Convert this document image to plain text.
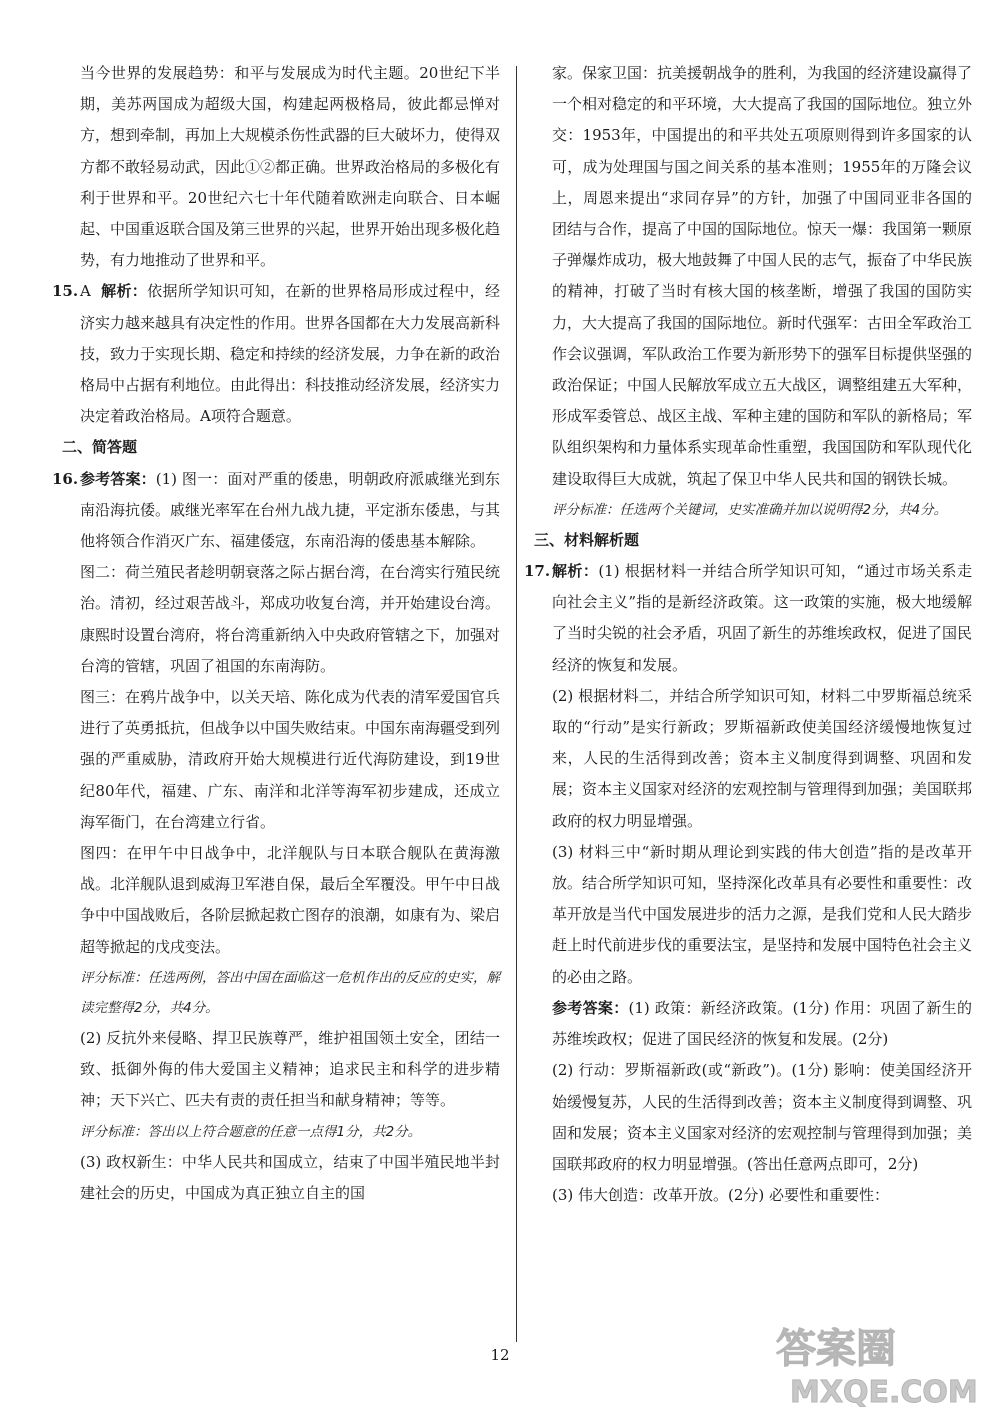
当今世界的发展趋势：和平与发展成为时代主题。20世纪下半期，美苏两国成为超级大国，构建起两极格局，彼此都忌惮对方，想到牵制，再加上大规模杀伤性武器的巨大破坏力，使得双方都不敢轻易动武，因此①②都正确。世界政治格局的多极化有利于世界和平。20世纪六七十年代随着欧洲走向联合、日本崛起、中国重返联合国及第三世界的兴起，世界开始出现多极化趋势，有力地推动了世界和平。

15. A 解析：依据所学知识可知，在新的世界格局形成过程中，经济实力越来越具有决定性的作用。世界各国都在大力发展高新科技，致力于实现长期、稳定和持续的经济发展，力争在新的政治格局中占据有利地位。由此得出：科技推动经济发展，经济实力决定着政治格局。A项符合题意。

二、简答题

16. 参考答案：(1) 图一：面对严重的倭患，明朝政府派戚继光到东南沿海抗倭。戚继光率军在台州九战九捷，平定浙东倭患，与其他将领合作消灭广东、福建倭寇，东南沿海的倭患基本解除。

图二：荷兰殖民者趁明朝衰落之际占据台湾，在台湾实行殖民统治。清初，经过艰苦战斗，郑成功收复台湾，并开始建设台湾。康熙时设置台湾府，将台湾重新纳入中央政府管辖之下，加强对台湾的管辖，巩固了祖国的东南海防。

图三：在鸦片战争中，以关天培、陈化成为代表的清军爱国官兵进行了英勇抵抗，但战争以中国失败结束。中国东南海疆受到列强的严重威胁，清政府开始大规模进行近代海防建设，到19世纪80年代，福建、广东、南洋和北洋等海军初步建成，还成立海军衙门，在台湾建立行省。

图四：在甲午中日战争中，北洋舰队与日本联合舰队在黄海激战。北洋舰队退到威海卫军港自保，最后全军覆没。甲午中日战争中中国战败后，各阶层掀起救亡图存的浪潮，如康有为、梁启超等掀起的戊戌变法。

评分标准：任选两例，答出中国在面临这一危机作出的反应的史实，解读完整得2分，共4分。

(2) 反抗外来侵略、捍卫民族尊严，维护祖国领土安全，团结一致、抵御外侮的伟大爱国主义精神；追求民主和科学的进步精神；天下兴亡、匹夫有责的责任担当和献身精神；等等。

评分标准：答出以上符合题意的任意一点得1分，共2分。

(3) 政权新生：中华人民共和国成立，结束了中国半殖民地半封建社会的历史，中国成为真正独立自主的国

家。保家卫国：抗美援朝战争的胜利，为我国的经济建设赢得了一个相对稳定的和平环境，大大提高了我国的国际地位。独立外交：1953年，中国提出的和平共处五项原则得到许多国家的认可，成为处理国与国之间关系的基本准则；1955年的万隆会议上，周恩来提出“求同存异”的方针，加强了中国同亚非各国的团结与合作，提高了中国的国际地位。惊天一爆：我国第一颗原子弹爆炸成功，极大地鼓舞了中国人民的志气，振奋了中华民族的精神，打破了当时有核大国的核垄断，增强了我国的国防实力，大大提高了我国的国际地位。新时代强军：古田全军政治工作会议强调，军队政治工作要为新形势下的强军目标提供坚强的政治保证；中国人民解放军成立五大战区，调整组建五大军种，形成军委管总、战区主战、军种主建的国防和军队的新格局；军队组织架构和力量体系实现革命性重塑，我国国防和军队现代化建设取得巨大成就，筑起了保卫中华人民共和国的钢铁长城。

评分标准：任选两个关键词，史实准确并加以说明得2分，共4分。

三、材料解析题

17. 解析：(1) 根据材料一并结合所学知识可知，“通过市场关系走向社会主义”指的是新经济政策。这一政策的实施，极大地缓解了当时尖锐的社会矛盾，巩固了新生的苏维埃政权，促进了国民经济的恢复和发展。

(2) 根据材料二，并结合所学知识可知，材料二中罗斯福总统采取的“行动”是实行新政；罗斯福新政使美国经济缓慢地恢复过来，人民的生活得到改善；资本主义制度得到调整、巩固和发展；资本主义国家对经济的宏观控制与管理得到加强；美国联邦政府的权力明显增强。

(3) 材料三中“新时期从理论到实践的伟大创造”指的是改革开放。结合所学知识可知，坚持深化改革具有必要性和重要性：改革开放是当代中国发展进步的活力之源，是我们党和人民大踏步赶上时代前进步伐的重要法宝，是坚持和发展中国特色社会主义的必由之路。

参考答案：(1) 政策：新经济政策。(1分) 作用：巩固了新生的苏维埃政权；促进了国民经济的恢复和发展。(2分)

(2) 行动：罗斯福新政(或“新政”)。(1分) 影响：使美国经济开始缓慢复苏，人民的生活得到改善；资本主义制度得到调整、巩固和发展；资本主义国家对经济的宏观控制与管理得到加强；美国联邦政府的权力明显增强。(答出任意两点即可，2分)

(3) 伟大创造：改革开放。(2分) 必要性和重要性：

12	答案圈
MXQE.COM
